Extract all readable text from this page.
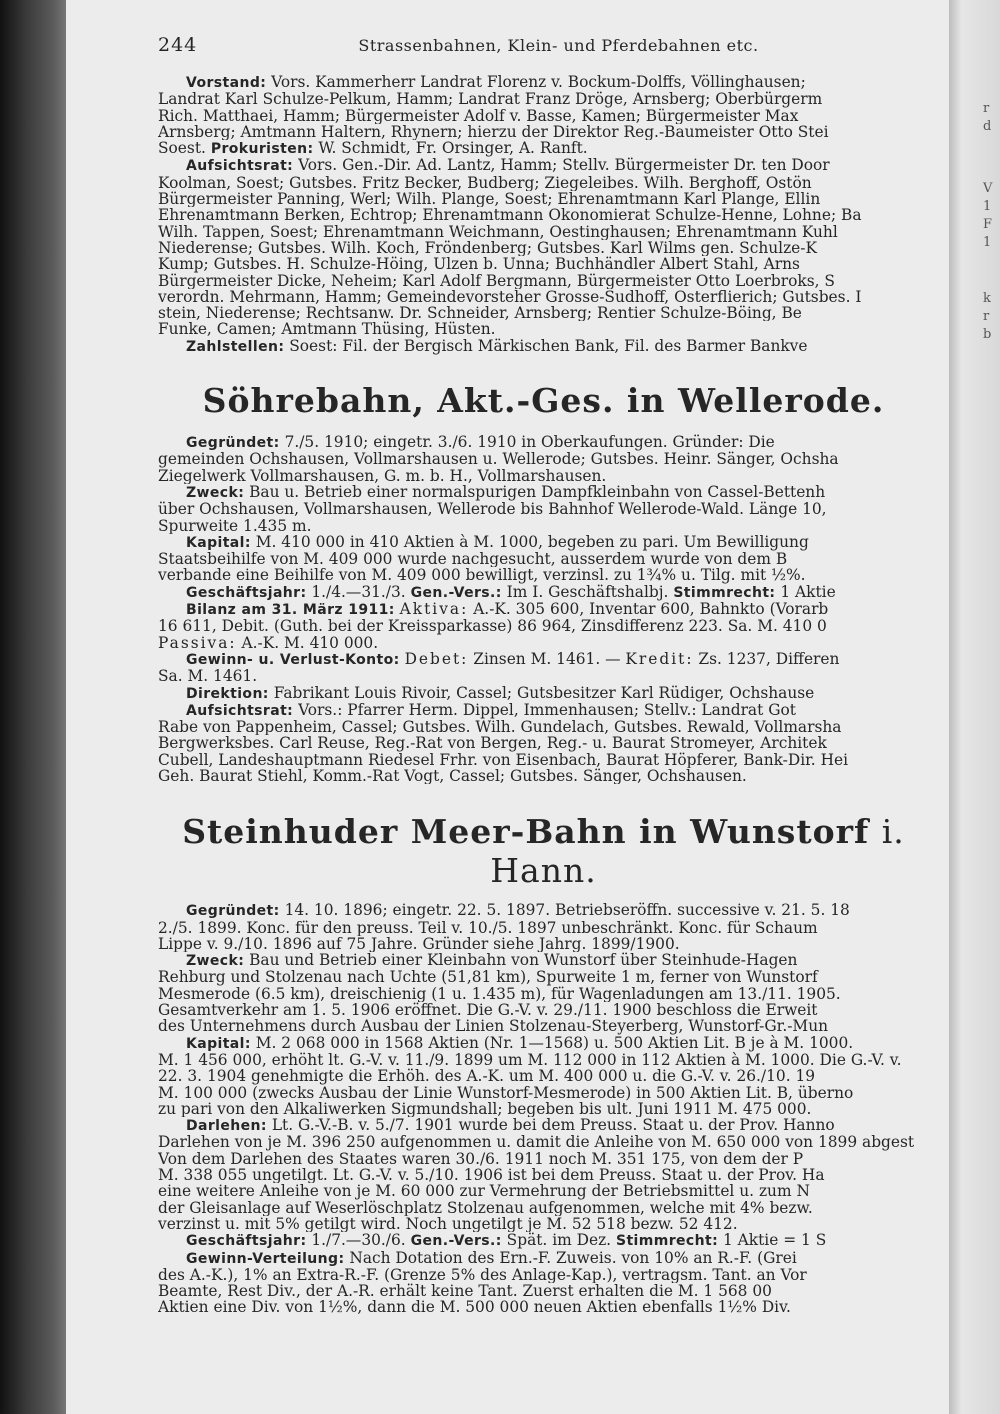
244	Strassenbahnen, Klein- und Pferdebahnen etc.
Vorstand: Vors. Kammerherr Landrat Florenz v. Bockum-Dolffs, Völlinghausen;
Landrat Karl Schulze-Pelkum, Hamm; Landrat Franz Dröge, Arnsberg; Oberbürgerm
Rich. Matthaei, Hamm; Bürgermeister Adolf v. Basse, Kamen; Bürgermeister Max
Arnsberg; Amtmann Haltern, Rhynern; hierzu der Direktor Reg.-Baumeister Otto Stei
Soest. Prokuristen: W. Schmidt, Fr. Orsinger, A. Ranft.
Aufsichtsrat: Vors. Gen.-Dir. Ad. Lantz, Hamm; Stellv. Bürgermeister Dr. ten Door
Koolman, Soest; Gutsbes. Fritz Becker, Budberg; Ziegeleibes. Wilh. Berghoff, Ostön
Bürgermeister Panning, Werl; Wilh. Plange, Soest; Ehrenamtmann Karl Plange, Ellin
Ehrenamtmann Berken, Echtrop; Ehrenamtmann Ökonomierat Schulze-Henne, Lohne; Ba
Wilh. Tappen, Soest; Ehrenamtmann Weichmann, Oestinghausen; Ehrenamtmann Kuhl
Niederense; Gutsbes. Wilh. Koch, Fröndenberg; Gutsbes. Karl Wilms gen. Schulze-K
Kump; Gutsbes. H. Schulze-Höing, Ülzen b. Unna; Buchhändler Albert Stahl, Arns
Bürgermeister Dicke, Neheim; Karl Adolf Bergmann, Bürgermeister Otto Loerbroks, S
verordn. Mehrmann, Hamm; Gemeindevorsteher Grosse-Sudhoff, Osterflierich; Gutsbes. I
stein, Niederense; Rechtsanw. Dr. Schneider, Arnsberg; Rentier Schulze-Böing, Be
Funke, Camen; Amtmann Thüsing, Hüsten.
Zahlstellen: Soest: Fil. der Bergisch Märkischen Bank, Fil. des Barmer Bankve
Söhrebahn, Akt.-Ges. in Wellerode.
Gegründet: 7./5. 1910; eingetr. 3./6. 1910 in Oberkaufungen. Gründer: Die
gemeinden Ochshausen, Vollmarshausen u. Wellerode; Gutsbes. Heinr. Sänger, Ochsha
Ziegelwerk Vollmarshausen, G. m. b. H., Vollmarshausen.
Zweck: Bau u. Betrieb einer normalspurigen Dampfkleinbahn von Cassel-Bettenh
über Ochshausen, Vollmarshausen, Wellerode bis Bahnhof Wellerode-Wald. Länge 10,
Spurweite 1.435 m.
Kapital: M. 410 000 in 410 Aktien à M. 1000, begeben zu pari. Um Bewilligung
Staatsbeihilfe von M. 409 000 wurde nachgesucht, ausserdem wurde von dem B
verbande eine Beihilfe von M. 409 000 bewilligt, verzinsl. zu 1¾% u. Tilg. mit ½%.
Geschäftsjahr: 1./4.—31./3. Gen.-Vers.: Im I. Geschäftshalbj. Stimmrecht: 1 Aktie
Bilanz am 31. März 1911: Aktiva: A.-K. 305 600, Inventar 600, Bahnkto (Vorarb
16 611, Debit. (Guth. bei der Kreissparkasse) 86 964, Zinsdifferenz 223. Sa. M. 410 0
Passiva: A.-K. M. 410 000.
Gewinn- u. Verlust-Konto: Debet: Zinsen M. 1461. — Kredit: Zs. 1237, Differen
Sa. M. 1461.
Direktion: Fabrikant Louis Rivoir, Cassel; Gutsbesitzer Karl Rüdiger, Ochshause
Aufsichtsrat: Vors.: Pfarrer Herm. Dippel, Immenhausen; Stellv.: Landrat Got
Rabe von Pappenheim, Cassel; Gutsbes. Wilh. Gundelach, Gutsbes. Rewald, Vollmarsha
Bergwerksbes. Carl Reuse, Reg.-Rat von Bergen, Reg.- u. Baurat Stromeyer, Architek
Cubell, Landeshauptmann Riedesel Frhr. von Eisenbach, Baurat Höpferer, Bank-Dir. Hei
Geh. Baurat Stiehl, Komm.-Rat Vogt, Cassel; Gutsbes. Sänger, Ochshausen.
Steinhuder Meer-Bahn in Wunstorf i. Hann.
Gegründet: 14. 10. 1896; eingetr. 22. 5. 1897. Betriebseröffn. successive v. 21. 5. 18
2./5. 1899. Konc. für den preuss. Teil v. 10./5. 1897 unbeschränkt. Konc. für Schaum
Lippe v. 9./10. 1896 auf 75 Jahre. Gründer siehe Jahrg. 1899/1900.
Zweck: Bau und Betrieb einer Kleinbahn von Wunstorf über Steinhude-Hagen
Rehburg und Stolzenau nach Uchte (51,81 km), Spurweite 1 m, ferner von Wunstorf
Mesmerode (6.5 km), dreischienig (1 u. 1.435 m), für Wagenladungen am 13./11. 1905.
Gesamtverkehr am 1. 5. 1906 eröffnet. Die G.-V. v. 29./11. 1900 beschloss die Erweit
des Unternehmens durch Ausbau der Linien Stolzenau-Steyerberg, Wunstorf-Gr.-Mun
Kapital: M. 2 068 000 in 1568 Aktien (Nr. 1—1568) u. 500 Aktien Lit. B je à M. 1000.
M. 1 456 000, erhöht lt. G.-V. v. 11./9. 1899 um M. 112 000 in 112 Aktien à M. 1000. Die G.-V. v.
22. 3. 1904 genehmigte die Erhöh. des A.-K. um M. 400 000 u. die G.-V. v. 26./10. 19
M. 100 000 (zwecks Ausbau der Linie Wunstorf-Mesmerode) in 500 Aktien Lit. B, überno
zu pari von den Alkaliwerken Sigmundshall; begeben bis ult. Juni 1911 M. 475 000.
Darlehen: Lt. G.-V.-B. v. 5./7. 1901 wurde bei dem Preuss. Staat u. der Prov. Hanno
Darlehen von je M. 396 250 aufgenommen u. damit die Anleihe von M. 650 000 von 1899 abgest
Von dem Darlehen des Staates waren 30./6. 1911 noch M. 351 175, von dem der P
M. 338 055 ungetilgt. Lt. G.-V. v. 5./10. 1906 ist bei dem Preuss. Staat u. der Prov. Ha
eine weitere Anleihe von je M. 60 000 zur Vermehrung der Betriebsmittel u. zum N
der Gleisanlage auf Weserlöschplatz Stolzenau aufgenommen, welche mit 4% bezw.
verzinst u. mit 5% getilgt wird. Noch ungetilgt je M. 52 518 bezw. 52 412.
Geschäftsjahr: 1./7.—30./6. Gen.-Vers.: Spät. im Dez. Stimmrecht: 1 Aktie = 1 S
Gewinn-Verteilung: Nach Dotation des Ern.-F. Zuweis. von 10% an R.-F. (Grei
des A.-K.), 1% an Extra-R.-F. (Grenze 5% des Anlage-Kap.), vertragsm. Tant. an Vor
Beamte, Rest Div., der A.-R. erhält keine Tant. Zuerst erhalten die M. 1 568 00
Aktien eine Div. von 1½%, dann die M. 500 000 neuen Aktien ebenfalls 1½% Div.
r
d
V
1
F
1
k
r
b
